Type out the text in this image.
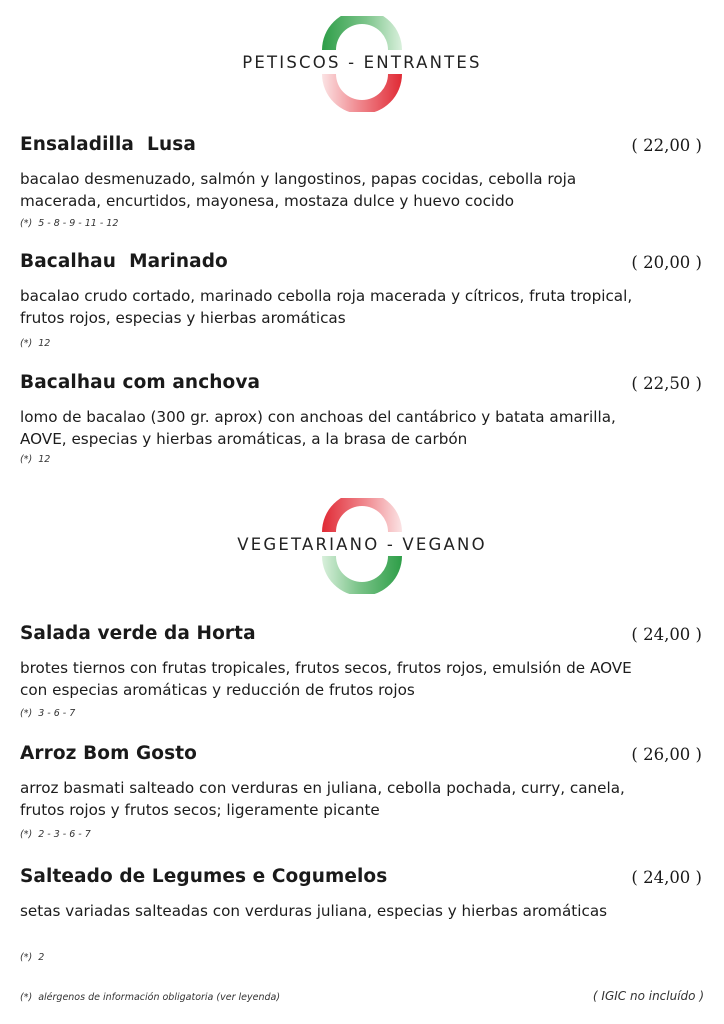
PETISCOS - ENTRANTES
Ensaladilla  Lusa	( 22,00 )
bacalao desmenuzado, salmón y langostinos, papas cocidas, cebolla roja macerada, encurtidos, mayonesa, mostaza dulce y huevo cocido
(*)  5 - 8 - 9 - 11 - 12
Bacalhau  Marinado	( 20,00 )
bacalao crudo cortado, marinado cebolla roja macerada y cítricos, fruta tropical, frutos rojos, especias y hierbas aromáticas
(*)  12
Bacalhau com anchova	( 22,50 )
lomo de bacalao (300 gr. aprox) con anchoas del cantábrico y batata amarilla, AOVE, especias y hierbas aromáticas, a la brasa de carbón
(*)  12
VEGETARIANO - VEGANO
Salada verde da Horta	( 24,00 )
brotes tiernos con frutas tropicales, frutos secos, frutos rojos, emulsión de AOVE con especias aromáticas y reducción de frutos rojos
(*)  3 - 6 - 7
Arroz Bom Gosto	( 26,00 )
arroz basmati salteado con verduras en juliana, cebolla pochada, curry, canela, frutos rojos y frutos secos; ligeramente picante
(*)  2 - 3 - 6 - 7
Salteado de Legumes e Cogumelos	( 24,00 )
setas variadas salteadas con verduras juliana, especias y hierbas aromáticas
(*)  2
(*)  alérgenos de información obligatoria (ver leyenda)	( IGIC no incluído )
